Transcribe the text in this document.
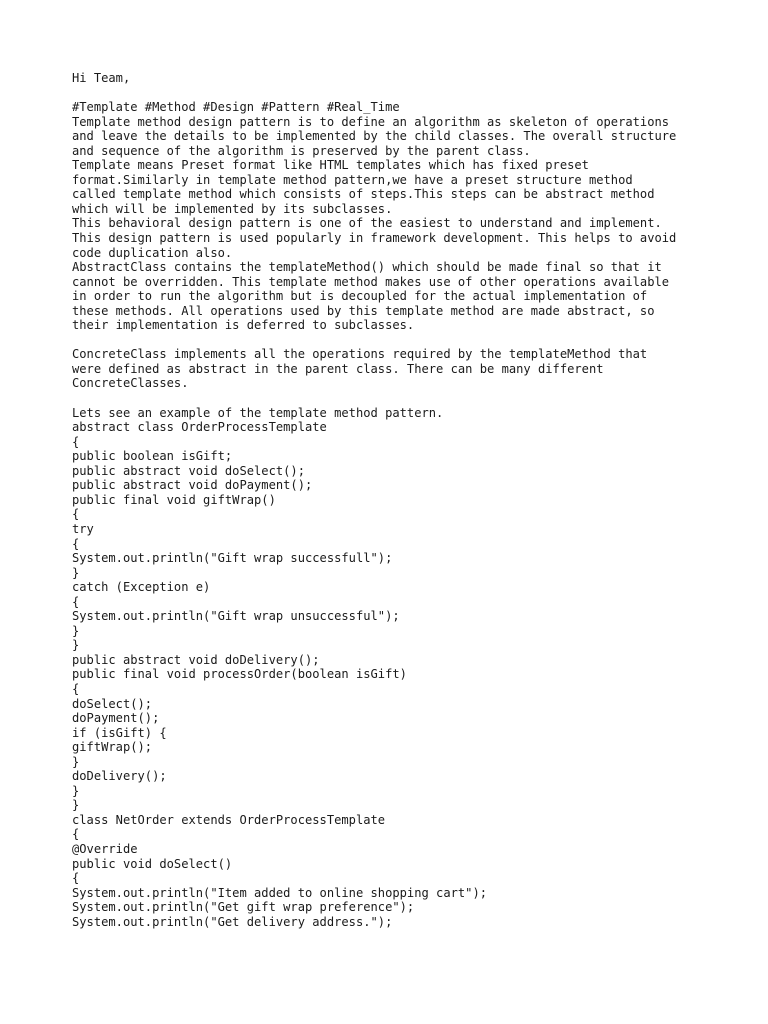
Hi Team,
#Template #Method #Design #Pattern #Real_Time
Template method design pattern is to define an algorithm as skeleton of operations
and leave the details to be implemented by the child classes. The overall structure
and sequence of the algorithm is preserved by the parent class.
Template means Preset format like HTML templates which has fixed preset
format.Similarly in template method pattern,we have a preset structure method
called template method which consists of steps.This steps can be abstract method
which will be implemented by its subclasses.
This behavioral design pattern is one of the easiest to understand and implement.
This design pattern is used popularly in framework development. This helps to avoid
code duplication also.
AbstractClass contains the templateMethod() which should be made final so that it
cannot be overridden. This template method makes use of other operations available
in order to run the algorithm but is decoupled for the actual implementation of
these methods. All operations used by this template method are made abstract, so
their implementation is deferred to subclasses.
ConcreteClass implements all the operations required by the templateMethod that
were defined as abstract in the parent class. There can be many different
ConcreteClasses.
Lets see an example of the template method pattern.
abstract class OrderProcessTemplate
{
public boolean isGift;
public abstract void doSelect();
public abstract void doPayment();
public final void giftWrap()
{
try
{
System.out.println("Gift wrap successfull");
}
catch (Exception e)
{
System.out.println("Gift wrap unsuccessful");
}
}
public abstract void doDelivery();
public final void processOrder(boolean isGift)
{
doSelect();
doPayment();
if (isGift) {
giftWrap();
}
doDelivery();
}
}
class NetOrder extends OrderProcessTemplate
{
@Override
public void doSelect()
{
System.out.println("Item added to online shopping cart");
System.out.println("Get gift wrap preference");
System.out.println("Get delivery address.");
